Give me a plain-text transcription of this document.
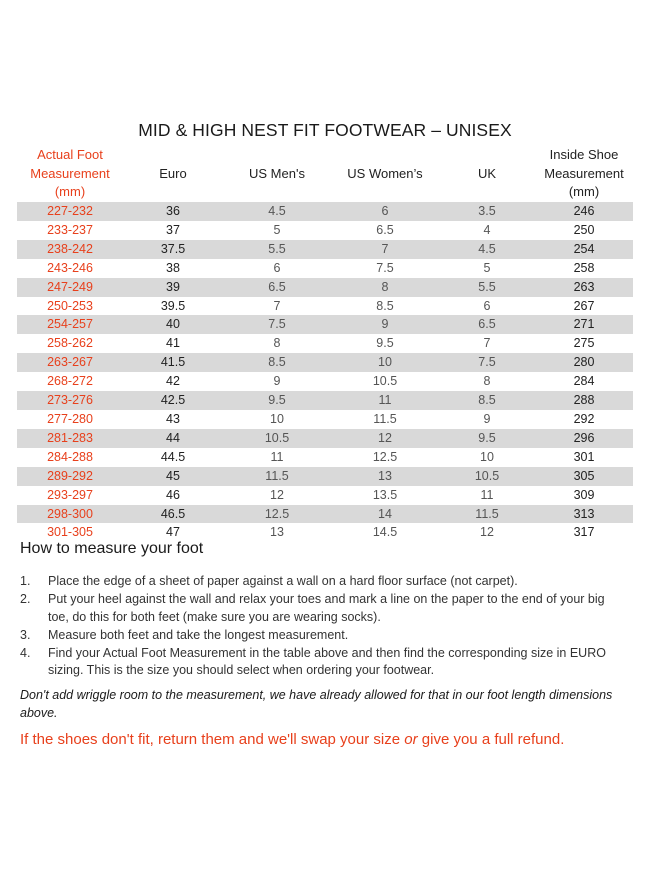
MID & HIGH NEST FIT FOOTWEAR – UNISEX
Actual Foot Measurement (mm)	Euro	US Men's	US Women’s	UK	Inside Shoe Measurement (mm)
227-232	36	4.5	6	3.5	246
233-237	37	5	6.5	4	250
238-242	37.5	5.5	7	4.5	254
243-246	38	6	7.5	5	258
247-249	39	6.5	8	5.5	263
250-253	39.5	7	8.5	6	267
254-257	40	7.5	9	6.5	271
258-262	41	8	9.5	7	275
263-267	41.5	8.5	10	7.5	280
268-272	42	9	10.5	8	284
273-276	42.5	9.5	11	8.5	288
277-280	43	10	11.5	9	292
281-283	44	10.5	12	9.5	296
284-288	44.5	11	12.5	10	301
289-292	45	11.5	13	10.5	305
293-297	46	12	13.5	11	309
298-300	46.5	12.5	14	11.5	313
301-305	47	13	14.5	12	317
How to measure your foot
1. Place the edge of a sheet of paper against a wall on a hard floor surface (not carpet).
2. Put your heel against the wall and relax your toes and mark a line on the paper to the end of your big toe, do this for both feet (make sure you are wearing socks).
3. Measure both feet and take the longest measurement.
4. Find your Actual Foot Measurement in the table above and then find the corresponding size in EURO sizing. This is the size you should select when ordering your footwear.
Don't add wriggle room to the measurement, we have already allowed for that in our foot length dimensions above.
If the shoes don't fit, return them and we'll swap your size or give you a full refund.
